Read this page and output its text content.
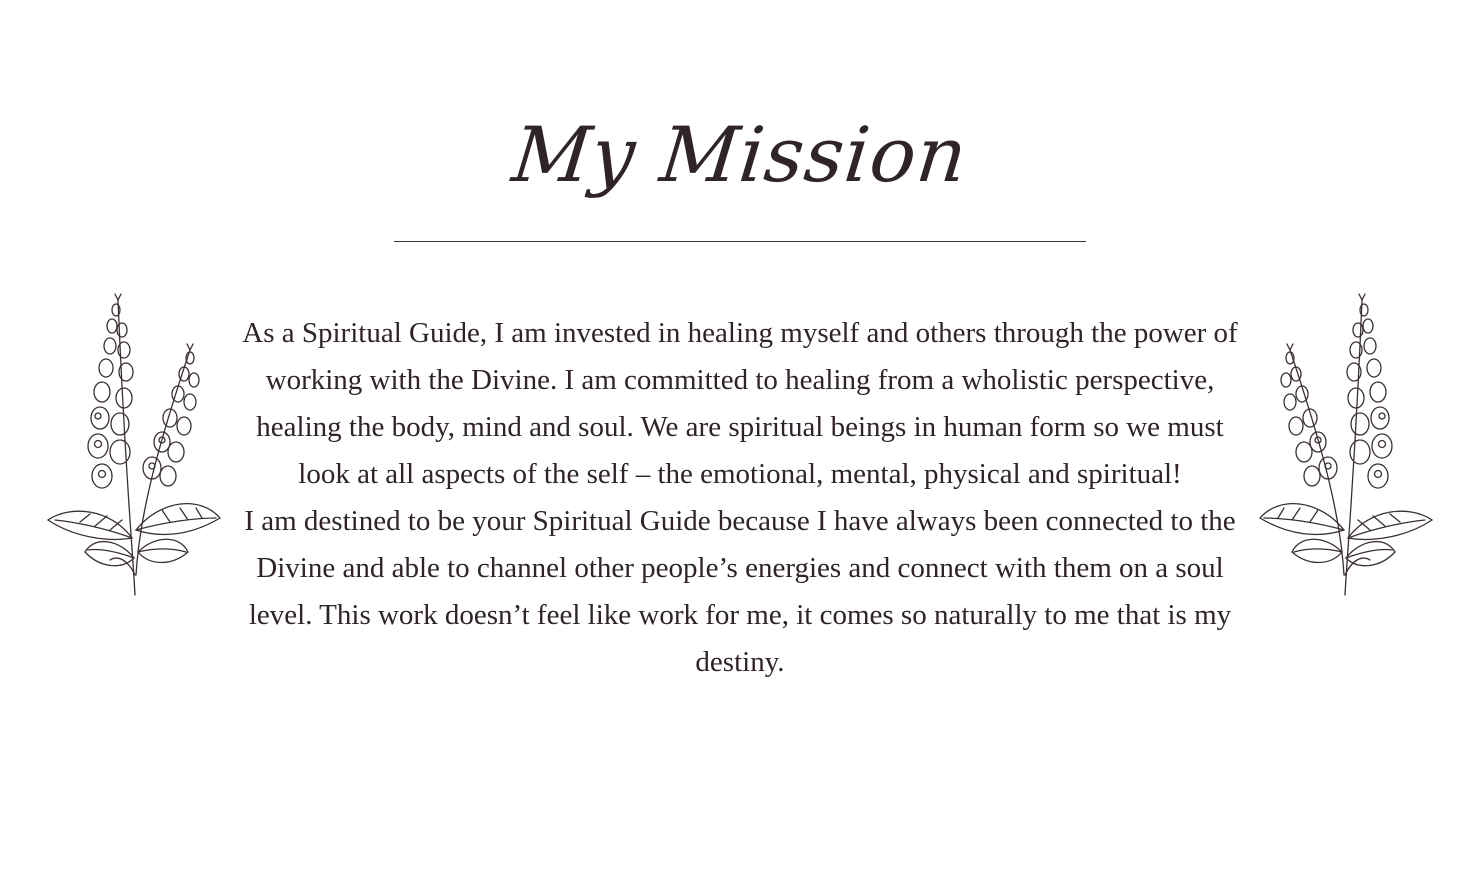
My Mission

As a Spiritual Guide, I am invested in healing myself and others through the power of working with the Divine. I am committed to healing from a wholistic perspective, healing the body, mind and soul. We are spiritual beings in human form so we must look at all aspects of the self – the emotional, mental, physical and spiritual!

I am destined to be your Spiritual Guide because I have always been connected to the Divine and able to channel other people’s energies and connect with them on a soul level. This work doesn’t feel like work for me, it comes so naturally to me that is my destiny.
